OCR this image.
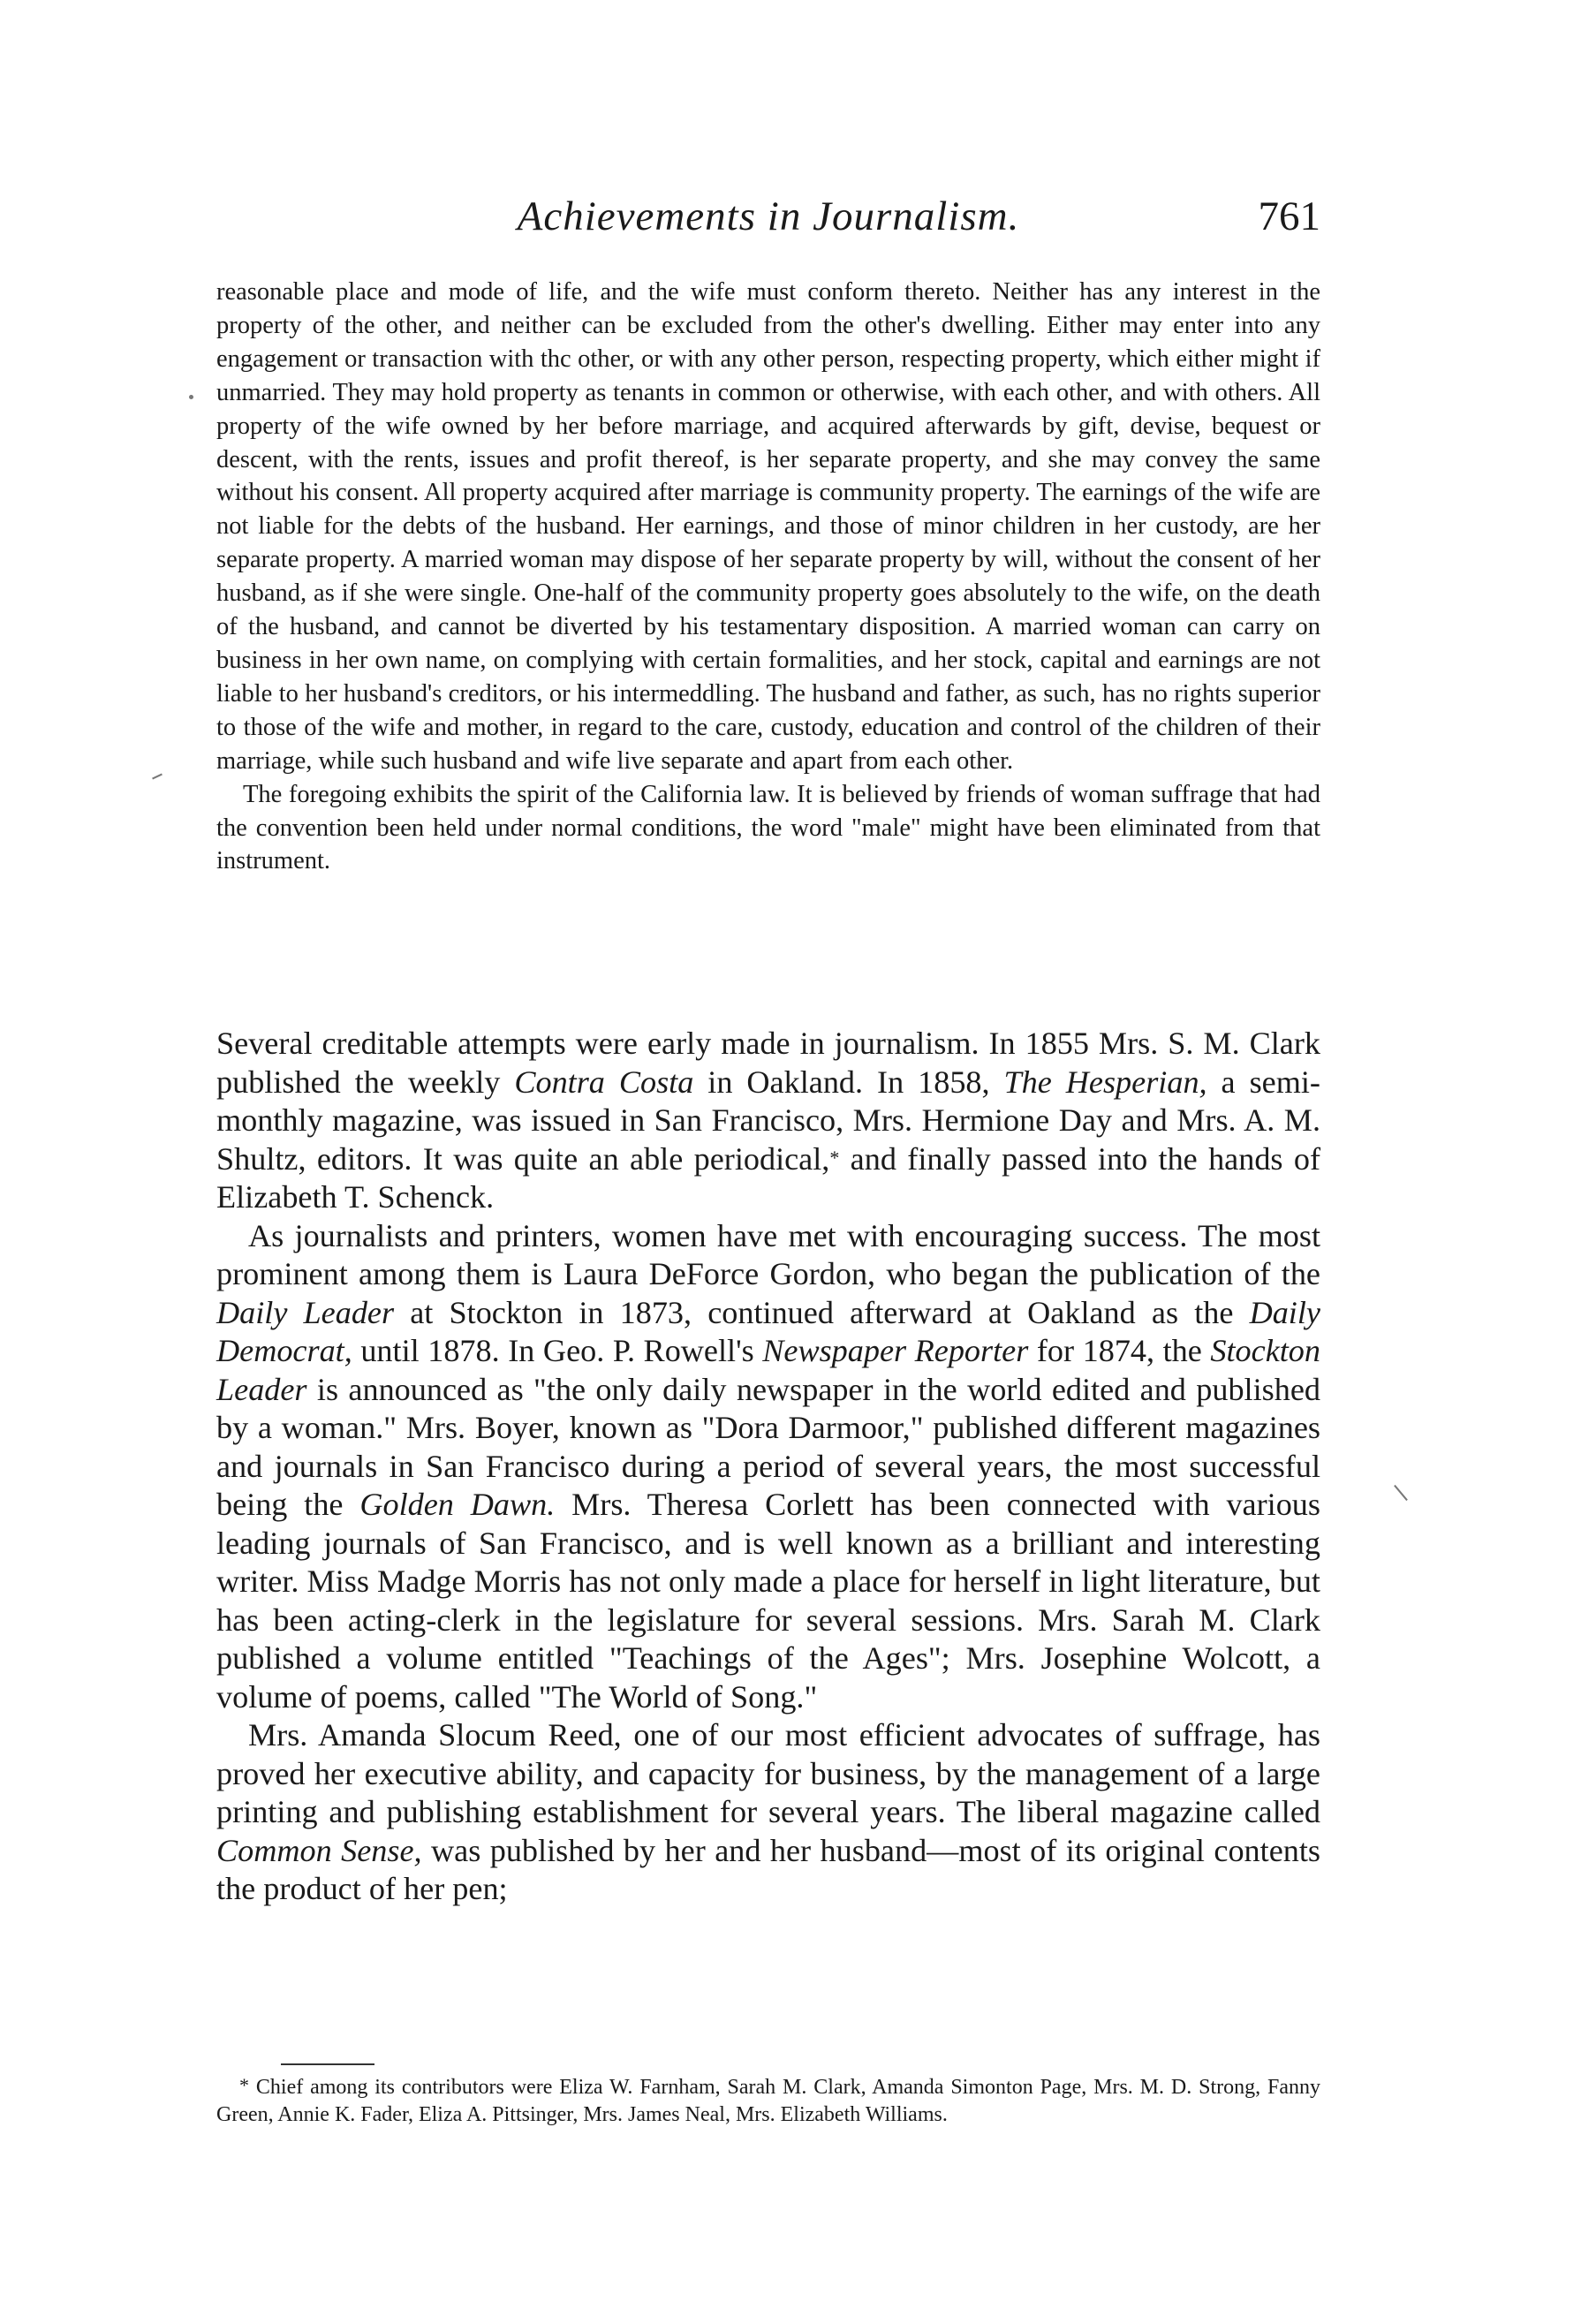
Achievements in Journalism.	761

reasonable place and mode of life, and the wife must conform thereto. Neither has any interest in the property of the other, and neither can be excluded from the other's dwelling. Either may enter into any engagement or transaction with thc other, or with any other person, respecting property, which either might if unmarried. They may hold property as tenants in common or otherwise, with each other, and with others. All property of the wife owned by her before marriage, and acquired afterwards by gift, devise, bequest or descent, with the rents, issues and profit thereof, is her separate property, and she may convey the same without his consent. All property acquired after marriage is community property. The earnings of the wife are not liable for the debts of the husband. Her earnings, and those of minor children in her custody, are her separate property. A married woman may dispose of her separate property by will, without the consent of her husband, as if she were single. One-half of the community property goes absolutely to the wife, on the death of the husband, and cannot be diverted by his testamentary disposition. A married woman can carry on business in her own name, on complying with certain formalities, and her stock, capital and earnings are not liable to her husband's creditors, or his intermeddling. The husband and father, as such, has no rights superior to those of the wife and mother, in regard to the care, custody, education and control of the children of their marriage, while such husband and wife live separate and apart from each other.

The foregoing exhibits the spirit of the California law. It is believed by friends of woman suffrage that had the convention been held under normal conditions, the word "male" might have been eliminated from that instrument.

Several creditable attempts were early made in journalism. In 1855 Mrs. S. M. Clark published the weekly Contra Costa in Oakland. In 1858, The Hesperian, a semi-monthly magazine, was issued in San Francisco, Mrs. Hermione Day and Mrs. A. M. Shultz, editors. It was quite an able periodical,* and finally passed into the hands of Elizabeth T. Schenck.

As journalists and printers, women have met with encouraging success. The most prominent among them is Laura DeForce Gordon, who began the publication of the Daily Leader at Stockton in 1873, continued afterward at Oakland as the Daily Democrat, until 1878. In Geo. P. Rowell's Newspaper Reporter for 1874, the Stockton Leader is announced as "the only daily newspaper in the world edited and published by a woman." Mrs. Boyer, known as "Dora Darmoor," published different magazines and journals in San Francisco during a period of several years, the most successful being the Golden Dawn. Mrs. Theresa Corlett has been connected with various leading journals of San Francisco, and is well known as a brilliant and interesting writer. Miss Madge Morris has not only made a place for herself in light literature, but has been acting-clerk in the legislature for several sessions. Mrs. Sarah M. Clark published a volume entitled "Teachings of the Ages"; Mrs. Josephine Wolcott, a volume of poems, called "The World of Song."

Mrs. Amanda Slocum Reed, one of our most efficient advocates of suffrage, has proved her executive ability, and capacity for business, by the management of a large printing and publishing establishment for several years. The liberal magazine called Common Sense, was published by her and her husband—most of its original contents the product of her pen;

* Chief among its contributors were Eliza W. Farnham, Sarah M. Clark, Amanda Simonton Page, Mrs. M. D. Strong, Fanny Green, Annie K. Fader, Eliza A. Pittsinger, Mrs. James Neal, Mrs. Elizabeth Williams.
